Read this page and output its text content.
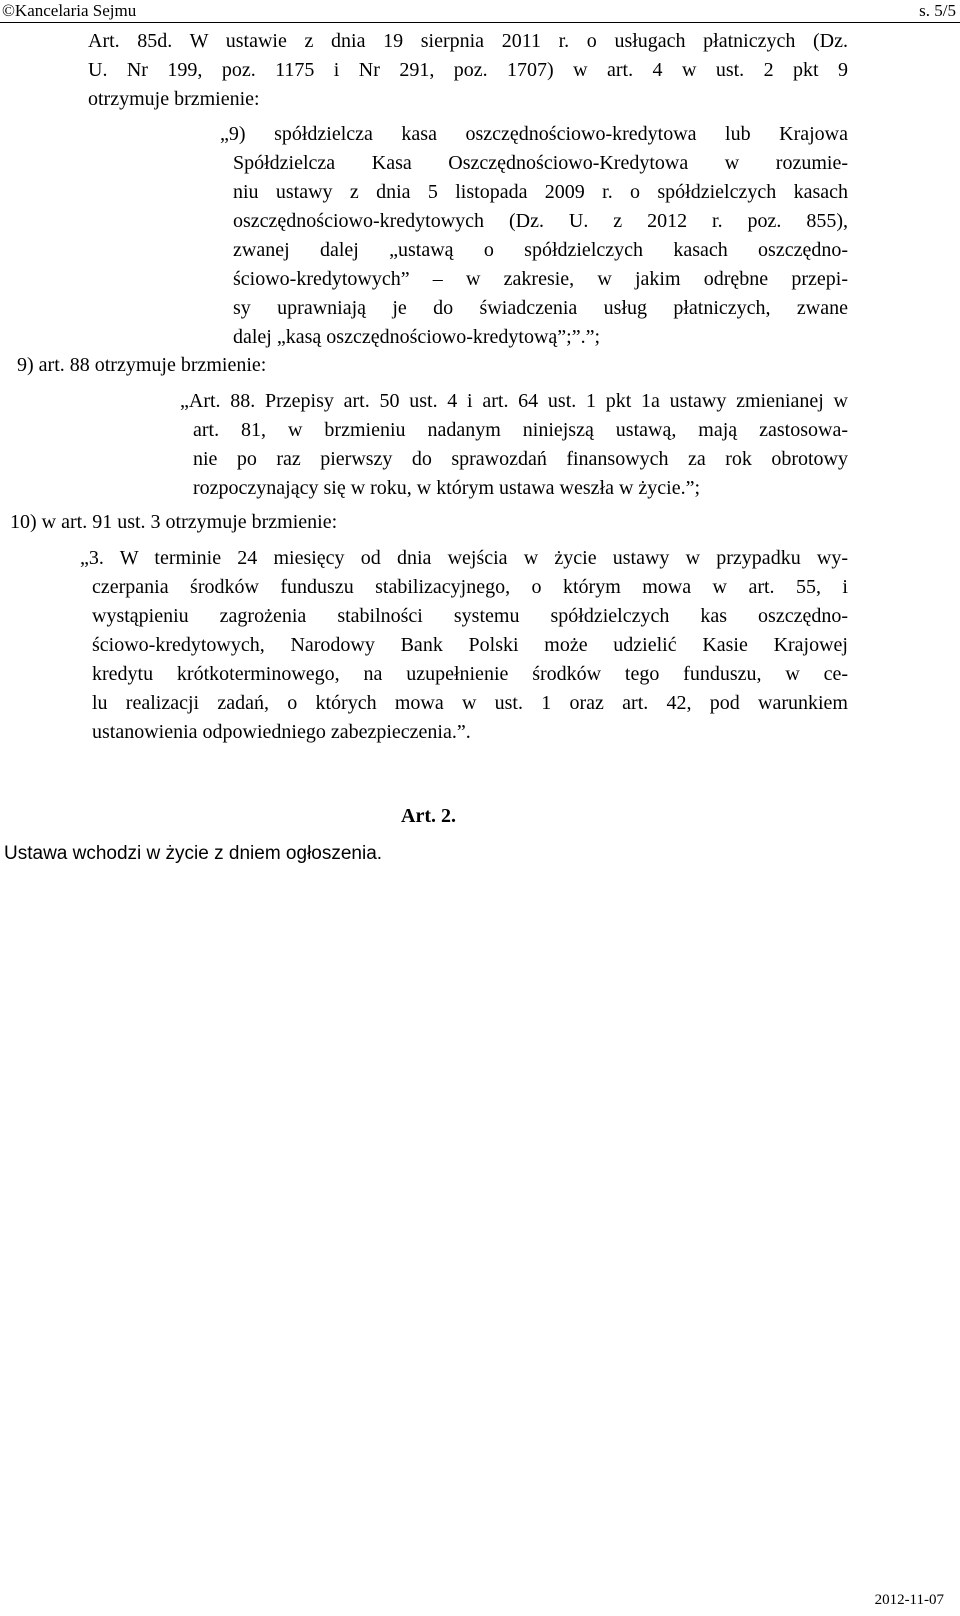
©Kancelaria Sejmu	s. 5/5

Art. 85d. W ustawie z dnia 19 sierpnia 2011 r. o usługach płatniczych (Dz.

U. Nr 199, poz. 1175 i Nr 291, poz. 1707) w art. 4 w ust. 2 pkt 9

otrzymuje brzmienie:

„9) spółdzielcza kasa oszczędnościowo-kredytowa lub Krajowa

Spółdzielcza Kasa Oszczędnościowo-Kredytowa w rozumie-

niu ustawy z dnia 5 listopada 2009 r. o spółdzielczych kasach

oszczędnościowo-kredytowych (Dz. U. z 2012 r. poz. 855),

zwanej dalej „ustawą o spółdzielczych kasach oszczędno-

ściowo-kredytowych” – w zakresie, w jakim odrębne przepi-

sy uprawniają je do świadczenia usług płatniczych, zwane

dalej „kasą oszczędnościowo-kredytową”;”.”;

9) art. 88 otrzymuje brzmienie:

„Art. 88. Przepisy art. 50 ust. 4 i art. 64 ust. 1 pkt 1a ustawy zmienianej w

art. 81, w brzmieniu nadanym niniejszą ustawą, mają zastosowa-

nie po raz pierwszy do sprawozdań finansowych za rok obrotowy

rozpoczynający się w roku, w którym ustawa weszła w życie.”;

10) w art. 91 ust. 3 otrzymuje brzmienie:

„3. W terminie 24 miesięcy od dnia wejścia w życie ustawy w przypadku wy-

czerpania środków funduszu stabilizacyjnego, o którym mowa w art. 55, i

wystąpieniu zagrożenia stabilności systemu spółdzielczych kas oszczędno-

ściowo-kredytowych, Narodowy Bank Polski może udzielić Kasie Krajowej

kredytu krótkoterminowego, na uzupełnienie środków tego funduszu, w ce-

lu realizacji zadań, o których mowa w ust. 1 oraz art. 42, pod warunkiem

ustanowienia odpowiedniego zabezpieczenia.”.

Art. 2.
Ustawa wchodzi w życie z dniem ogłoszenia.
2012-11-07
